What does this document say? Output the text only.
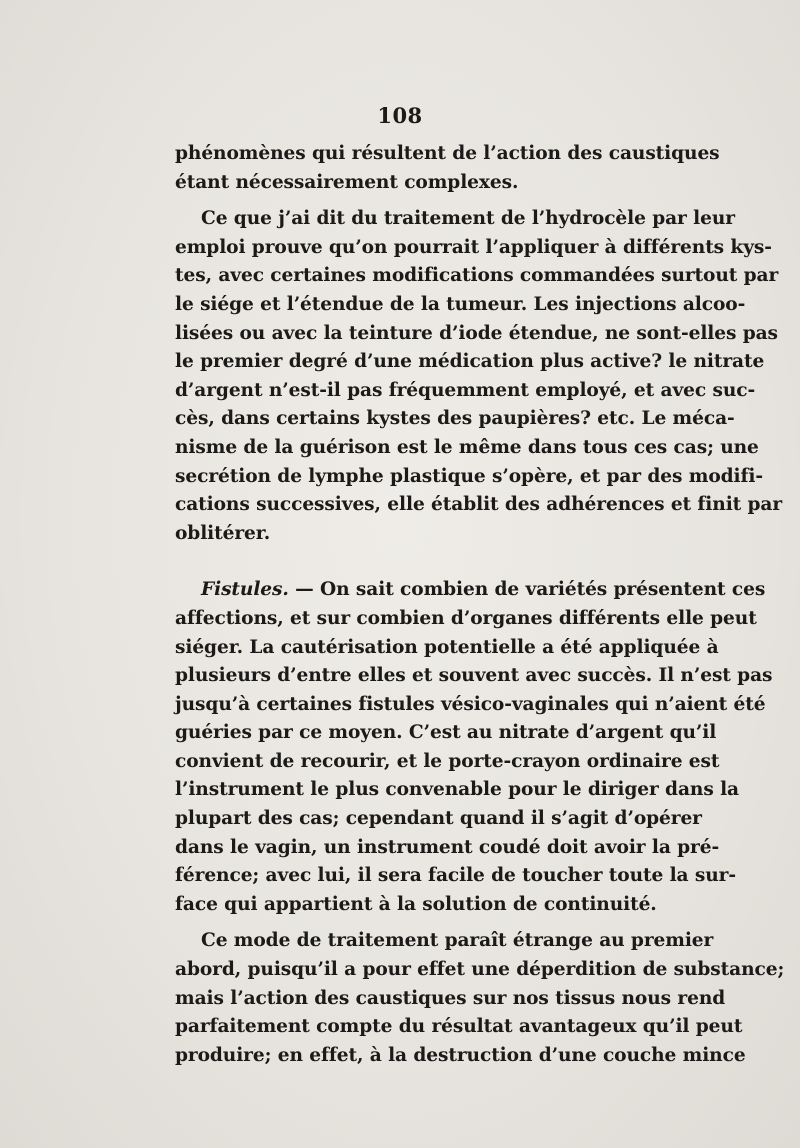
108
phénomènes qui résultent de l’action des caustiques
étant nécessairement complexes.
Ce que j’ai dit du traitement de l’hydrocèle par leur
emploi prouve qu’on pourrait l’appliquer à différents kys-
tes, avec certaines modifications commandées surtout par
le siége et l’étendue de la tumeur. Les injections alcoo-
lisées ou avec la teinture d’iode étendue, ne sont-elles pas
le premier degré d’une médication plus active? le nitrate
d’argent n’est-il pas fréquemment employé, et avec suc-
cès, dans certains kystes des paupières? etc. Le méca-
nisme de la guérison est le même dans tous ces cas; une
secrétion de lymphe plastique s’opère, et par des modifi-
cations successives, elle établit des adhérences et finit par
oblitérer.
Fistules. — On sait combien de variétés présentent ces
affections, et sur combien d’organes différents elle peut
siéger. La cautérisation potentielle a été appliquée à
plusieurs d’entre elles et souvent avec succès. Il n’est pas
jusqu’à certaines fistules vésico-vaginales qui n’aient été
guéries par ce moyen. C’est au nitrate d’argent qu’il
convient de recourir, et le porte-crayon ordinaire est
l’instrument le plus convenable pour le diriger dans la
plupart des cas; cependant quand il s’agit d’opérer
dans le vagin, un instrument coudé doit avoir la pré-
férence; avec lui, il sera facile de toucher toute la sur-
face qui appartient à la solution de continuité.
Ce mode de traitement paraît étrange au premier
abord, puisqu’il a pour effet une déperdition de substance;
mais l’action des caustiques sur nos tissus nous rend
parfaitement compte du résultat avantageux qu’il peut
produire; en effet, à la destruction d’une couche mince
